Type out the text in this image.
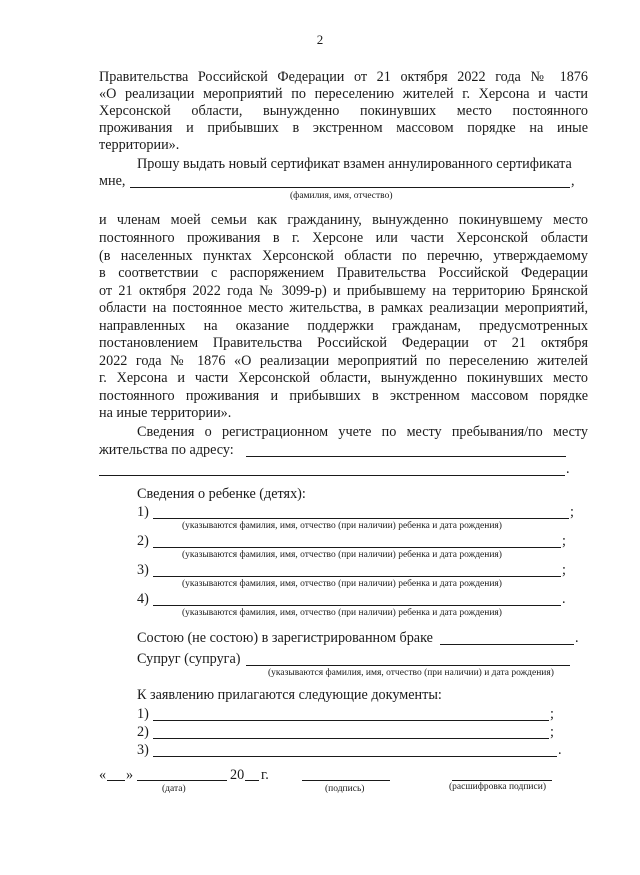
2
Правительства Российской Федерации от 21 октября 2022 года № 1876
«О реализации мероприятий по переселению жителей г. Херсона и части
Херсонской области, вынужденно покинувших место постоянного
проживания и прибывших в экстренном массовом порядке на иные
территории».
Прошу выдать новый сертификат взамен аннулированного сертификата
мне,	,
(фамилия, имя, отчество)
и членам моей семьи как гражданину, вынужденно покинувшему место
постоянного проживания в г. Херсоне или части Херсонской области
(в населенных пунктах Херсонской области по перечню, утверждаемому
в соответствии с распоряжением Правительства Российской Федерации
от 21 октября 2022 года № 3099-р) и прибывшему на территорию Брянской
области на постоянное место жительства, в рамках реализации мероприятий,
направленных на оказание поддержки гражданам, предусмотренных
постановлением Правительства Российской Федерации от 21 октября
2022 года № 1876 «О реализации мероприятий по переселению жителей
г. Херсона и части Херсонской области, вынужденно покинувших место
постоянного проживания и прибывших в экстренном массовом порядке
на иные территории».
Сведения о регистрационном учете по месту пребывания/по месту
жительства по адресу:
.
Сведения о ребенке (детях):
1)	;
(указываются фамилия, имя, отчество (при наличии) ребенка и дата рождения)
2)	;
(указываются фамилия, имя, отчество (при наличии) ребенка и дата рождения)
3)	;
(указываются фамилия, имя, отчество (при наличии) ребенка и дата рождения)
4)	.
(указываются фамилия, имя, отчество (при наличии) ребенка и дата рождения)
Состою (не состою) в зарегистрированном браке	.
Супруг (супруга)
(указываются фамилия, имя, отчество (при наличии) и дата рождения)
К заявлению прилагаются следующие документы:
1)	;
2)	;
3)	.
« »	20 г.
(дата)	(подпись)	(расшифровка подписи)
